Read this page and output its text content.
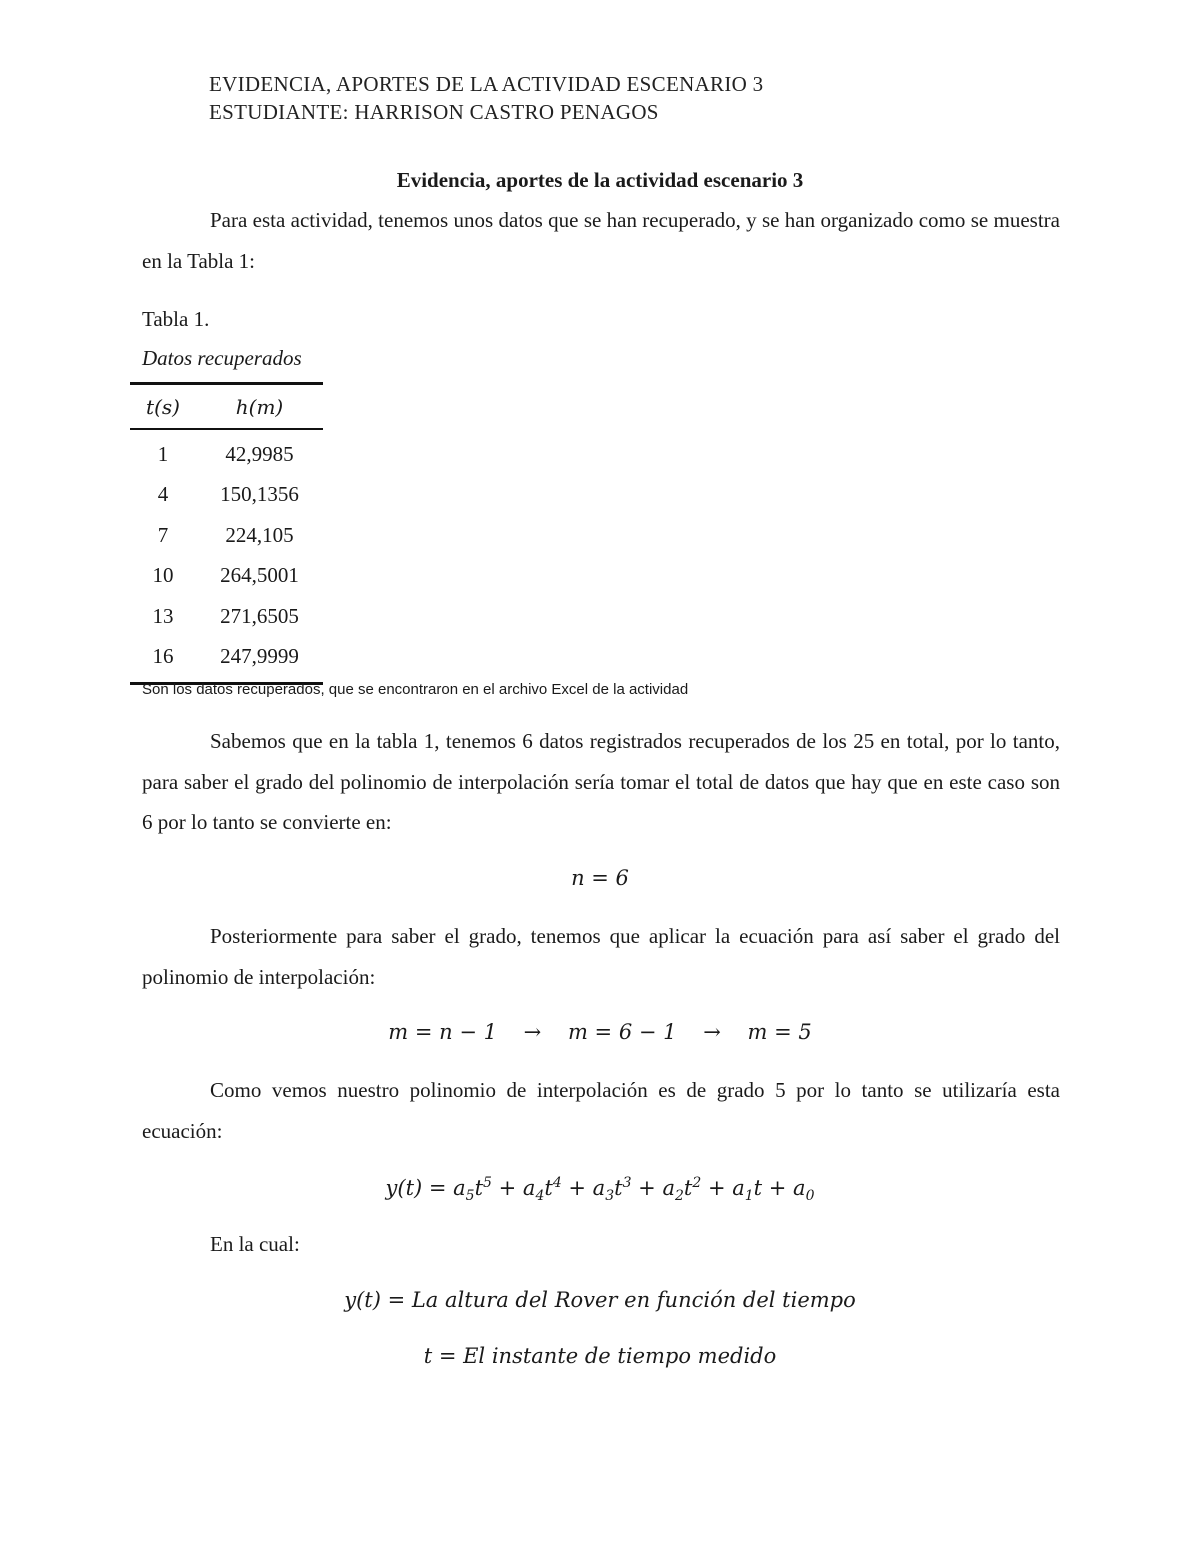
EVIDENCIA, APORTES DE LA ACTIVIDAD ESCENARIO 3
ESTUDIANTE: HARRISON CASTRO PENAGOS
Evidencia, aportes de la actividad escenario 3
Para esta actividad, tenemos unos datos que se han recuperado, y se han organizado como se muestra en la Tabla 1:
Tabla 1.
Datos recuperados
t(s)	h(m)
1	42,9985
4	150,1356
7	224,105
10	264,5001
13	271,6505
16	247,9999
Son los datos recuperados, que se encontraron en el archivo Excel de la actividad
Sabemos que en la tabla 1, tenemos 6 datos registrados recuperados de los 25 en total, por lo tanto, para saber el grado del polinomio de interpolación sería tomar el total de datos que hay que en este caso son 6 por lo tanto se convierte en:
n = 6
Posteriormente para saber el grado, tenemos que aplicar la ecuación para así saber el grado del polinomio de interpolación:
m = n − 1    →    m = 6 − 1    →    m = 5
Como vemos nuestro polinomio de interpolación es de grado 5 por lo tanto se utilizaría esta ecuación:
$y(t) = a_5t^5 + a_4t^4 + a_3t^3 + a_2t^2 + a_1t + a_0$
En la cual:
y(t) = La altura del Rover en función del tiempo
t = El instante de tiempo medido
